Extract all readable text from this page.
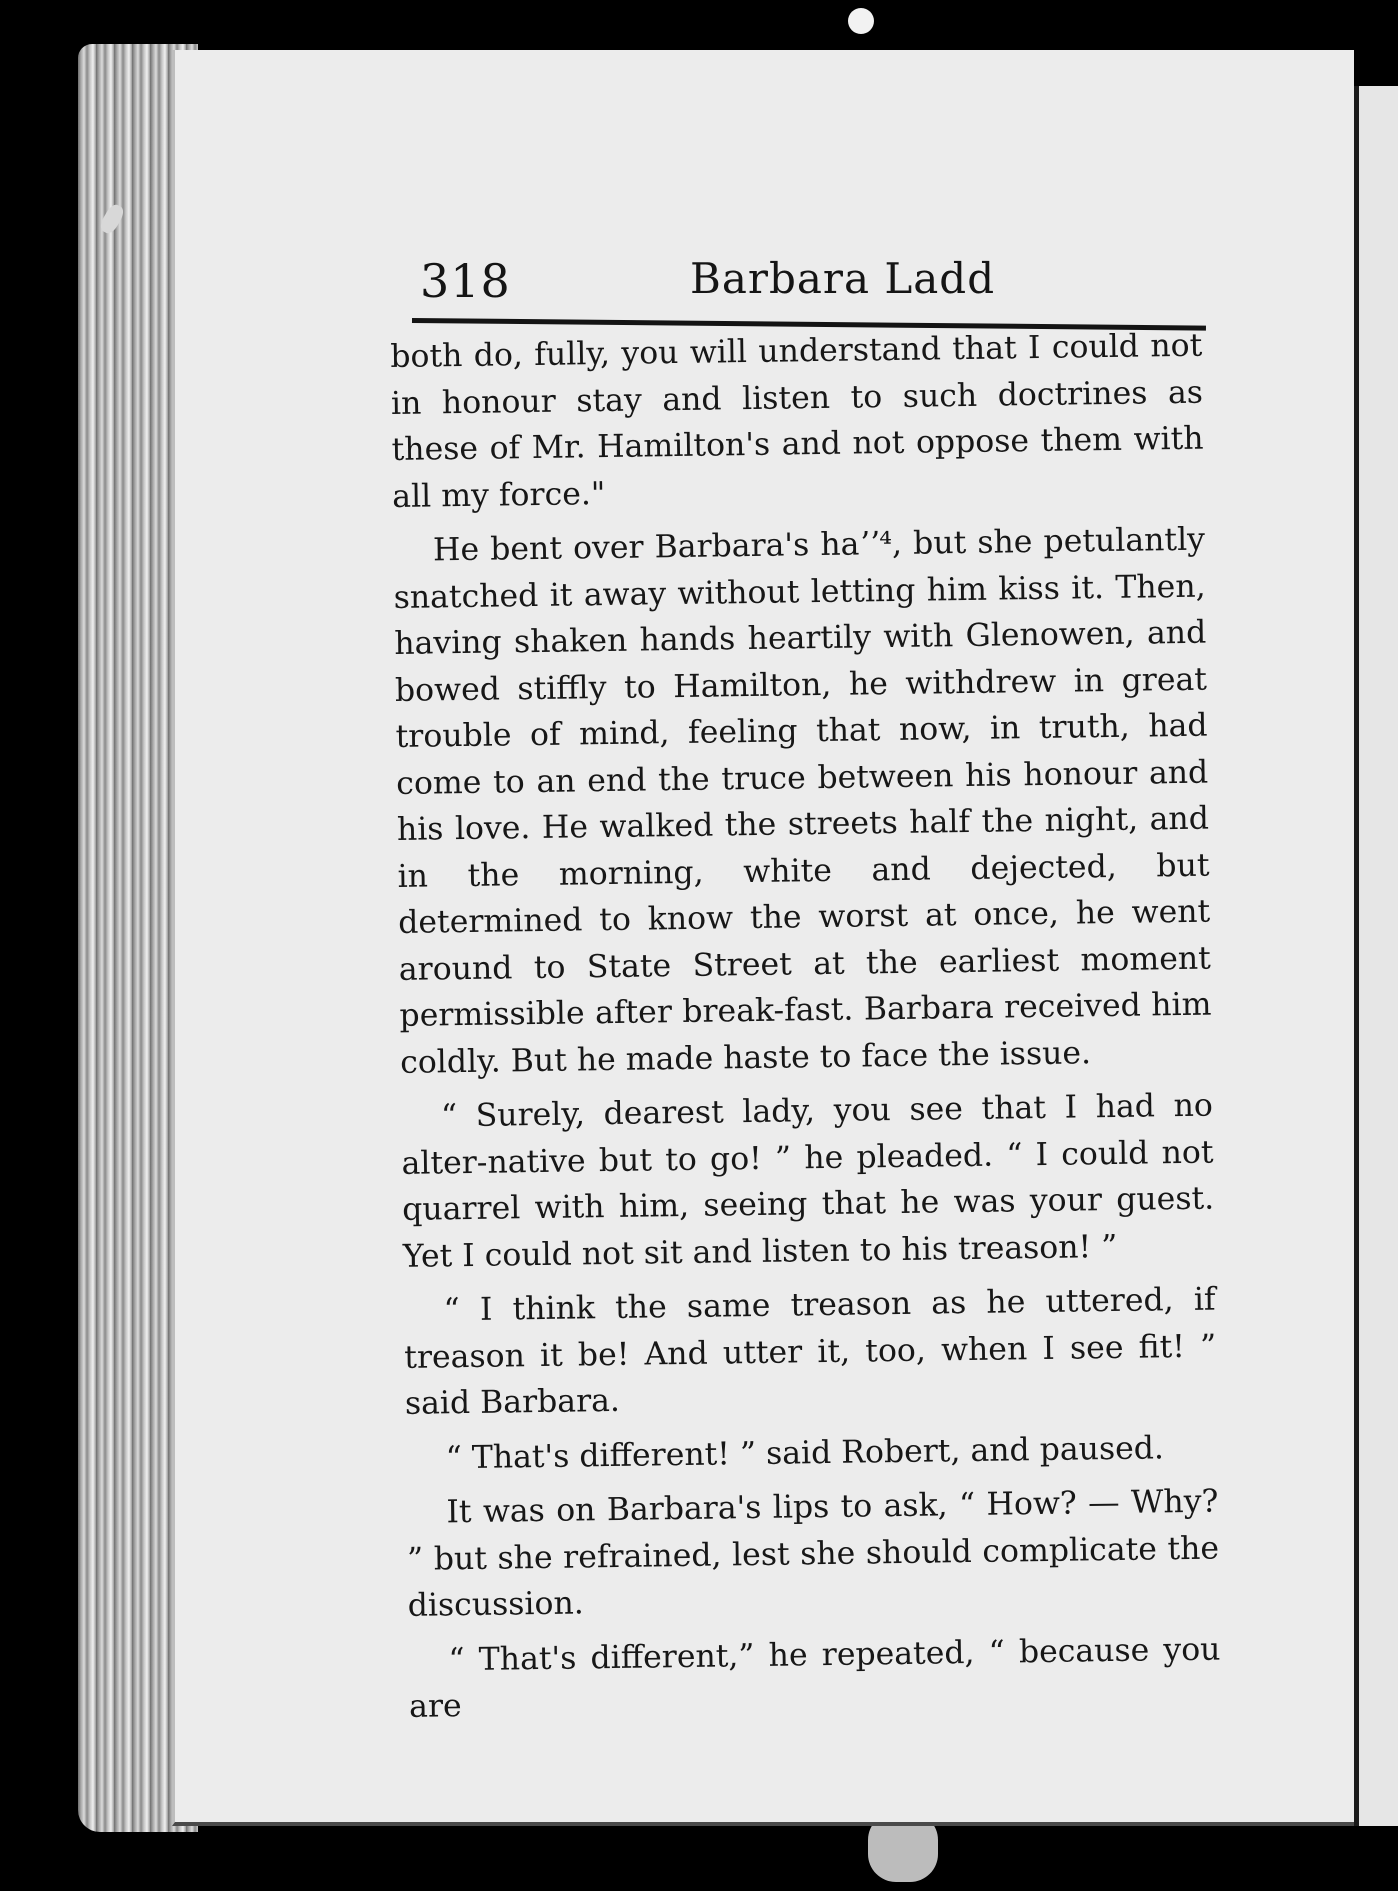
318	Barbara Ladd

both do, fully, you will understand that I could not in honour stay and listen to such doctrines as these of Mr. Hamilton's and not oppose them with all my force."

He bent over Barbara's haʼʼ⁴, but she petulantly snatched it away without letting him kiss it. Then, having shaken hands heartily with Glenowen, and bowed stiffly to Hamilton, he withdrew in great trouble of mind, feeling that now, in truth, had come to an end the truce between his honour and his love. He walked the streets half the night, and in the morning, white and dejected, but determined to know the worst at once, he went around to State Street at the earliest moment permissible after break-fast. Barbara received him coldly. But he made haste to face the issue.

“ Surely, dearest lady, you see that I had no alter-native but to go! ” he pleaded. “ I could not quarrel with him, seeing that he was your guest. Yet I could not sit and listen to his treason! ”

“ I think the same treason as he uttered, if treason it be! And utter it, too, when I see fit! ” said Barbara.

“ That's different! ” said Robert, and paused.

It was on Barbara's lips to ask, “ How? — Why? ” but she refrained, lest she should complicate the discussion.

“ That's different,” he repeated, “ because you are
